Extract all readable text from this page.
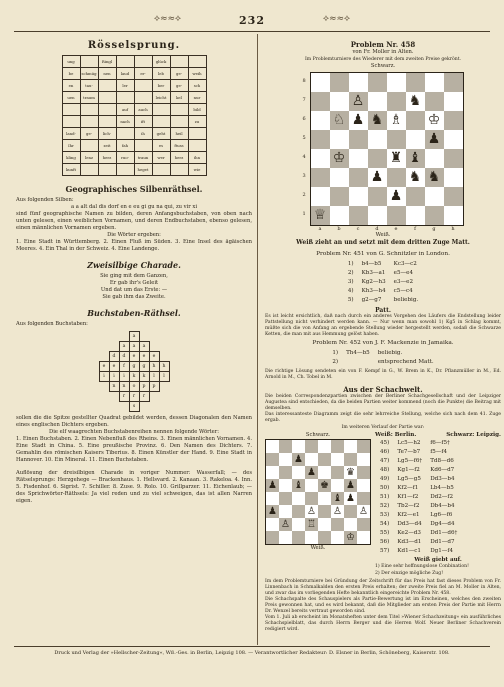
⟡≈≈⟡	232	⟡≈≈⟡
Rösselsprung.
ung		Ringl			glück		
be	schmüg	nen	laud	er-	leb	ge-	weih
en	tau-		ler		ber	ge-	sch
uen	traum				leicht	kel	nur
			auf	auch			bild
			nach	ift			zu
land-	ge-	lich-		ih	geht	heil	
Ihr		zeit	fah		es	ftuss	
kling	lenz	herz	ruo-	traun	wer	herz	ihn
kunft				heget			wie
Geographisches Silbenräthsel.
Aus folgenden Silben:
a a alt dal dis dorf en e eu gi gu na qui, zu vir xi
sind fünf geographische Namen zu bilden, deren Anfangsbuchstaben, von oben nach unten gelesen, einen weiblichen Vornamen, und deren Endbuchstaben, ebenso gelesen, einen männlichen Vornamen ergeben.
Die Wörter ergeben:
1. Eine Stadt in Württemberg. 2. Einen Fluß im Süden. 3. Eine Insel des ägäischen Meeres. 4. Ein Thal in der Schweiz. 4. Eine Landenge.
Zweisilbige Charade.
Sie ging mit dem Ganzen,
Er gab ihr's Geleit
Und dat um das Erste: —
Sie gab ihm das Zweite.
Buchstaben-Räthsel.
Aus folgenden Buchstaben:
			a			
		a	a	a		
	d	d	e	e	e	
e	e	f	g	g	h	h
i	i	i	k	k	l	l
	n	n	o	p	p	
		r	r	r		
			s			
sollen die die Spitze gestellter Quadrat gebildet werden, dessen Diagonalen den Namen eines englischen Dichters ergeben.
Die elf waagrechten Buchstabenreihen nennen folgende Wörter:
1. Einen Buchstaben. 2. Einen Nebenfluß des Rheins. 3. Einen männlichen Vornamen. 4. Eine Stadt in China. 5. Eine preußische Provinz. 6. Den Namen des Dichters. 7. Gemahlin des römischen Kaisers Tiberius. 8. Einen Künstler der Hand. 9. Eine Stadt in Hannover. 10. Ein Mineral. 11. Einen Buchstaben.
Auflösung der dreisilbigen Charade in voriger Nummer: Wasserfall; — des Rätselsprungs: Herzgehege — Brackenhaus. 1. Hellsvard. 2. Kanaan. 3. Rakeloa. 4. Inn. 5. Fisdenhof. 6. Sigrist. 7. Schiller. 8. Zuse. 9. Rolo. 10. Grillparzer. 11. Eichenlaub; — des Sprichwörter-Räthsels: Ja viel reden und zu viel schweigen, das ist allen Narren eigen.
Problem Nr. 458
von Fr. Moller in Alten.
Im Problemturniere des Wiederer mit dem zweiten Preise gekrönt.
Schwarz.
8
7
6
5
4
3
2
1

		♙			♞		
	♘	♟	♞	♗		♔	
						♟	
	♔			♜	♝		
			♟		♞	♞	
				♟			
♕							
a	b	c	d	e	f	g	h
Weiß.
Weiß zieht an und setzt mit dem dritten Zuge Matt.
Problem Nr. 451 von G. Schnitzler in London.
1)	b4—b5	Kc3—c2
2)	Kb3—a1	e5—e4
3)	Kg2—h3	e3—e2
4)	Kh3—h4	c5—c4
5)	g2—g7	beliebig.
Patt.
Es ist leicht ersichtlich, daß nach durch ein anderes Vorgehen des Läufers die Endstellung leider Pattstellung nicht verhindert werden kann. — Nur wenn man sowohl 1) Kg5 in Schlag kommt, müßte sich die von Anfang an ergebende Stellung wieder hergestellt werden, sodaß die Schwarze Ketten, die man mit aus Hemmung gelöst haben.
Problem Nr. 452 von J. F. Mackenzie in Jamaika.
1)	Th4—b5	beliebig.
2)		entsprechend Matt.
Die richtige Lösung sendeten ein von F. Kempf in G., W. Brem in K., Dr. Pflanzmüller in M., Ed. Arnold in M., Ch. Tobel in M.
Aus der Schachwelt.
Die beiden Correspondenzpartien zwischen der Berliner Schachgesellschaft und der Leipziger Augustea sind entschieden, da die beiden Partien weiter kommend (noch die Punkte) die Beitrag mit demselben.
Das interessanteste Diagramm zeigt die sehr lehrreiche Stellung, welche sich nach dem 41. Zuge ergab.
Im weiteren Verlauf der Partie war:
Schwarz.

		♟					
			♟			♛	
♟		♝		♚		♟	
					♝	♟	
♟			♙		♙		♙
	♙		♖				
						♔	
Weiß.
Weiß: Berlin.	Schwarz: Leipzig.
45)	Lc5—h2	f6—f5†
46)	Te7—b7	f5—f4
47)	Lg5—f6†	Td8—d6
48)	Kg1—f2	Kd6—d7
49)	Lg5—g5	Dd3—b4
50)	Kf2—f1	Lb4—b5
51)	Kf1—f2	Dd2—f2
52)	Tb2—f2	Db4—b4
53)	Kf2—e1	Lg6—f6
54)	Dd3—d4	Dg4—d4
55)	Ke2—d3	Dd1—d6†
56)	Kd3—d1	Dd1—d7
57)	Kd1—c1	Dg1—f4
Weiß giebt auf.
1) Eine sehr hoffnungslose Conbination!
2) Der einzige mögliche Zug!
Im dem Problemturniere bei Gründung der Zeitschrift für das Preis hat fast dieses Problem von Fr. Linnenbach in Schmalkalden den ersten Preis erhalten; der zweite Preis fiel an M. Moller in Alten, und zwar das im vorliegenden Hefte bekanntlich eingereichte Problem Nr. 458.
Die Schachspalte des Schauspielers als Partie-Bewertung ist im Erscheinen, welches den zweiten Preis gewonnen hat, und es wird bekannt, daß die Mitglieder am ersten Preis der Partie mit Herrn Dr. Wenzel bereits vertraut geworden sind.
Vom 1. Juli ab erscheint im Monatsheften unter dem Titel »Wiener Schachzeitung« ein ausführliches Schachspielblatt, das durch Herrn Berger und die Herren Wolf. Neuer Berliner Schachverein redigiert wird.
Druck und Verlag der »Hellscher-Zeitung«, Wß.-Ges. in Berlin, Leipzig 108. — Verantwortlicher Redakteur: D. Elsner in Berlin, Schöneberg, Kaiserstr. 108.
